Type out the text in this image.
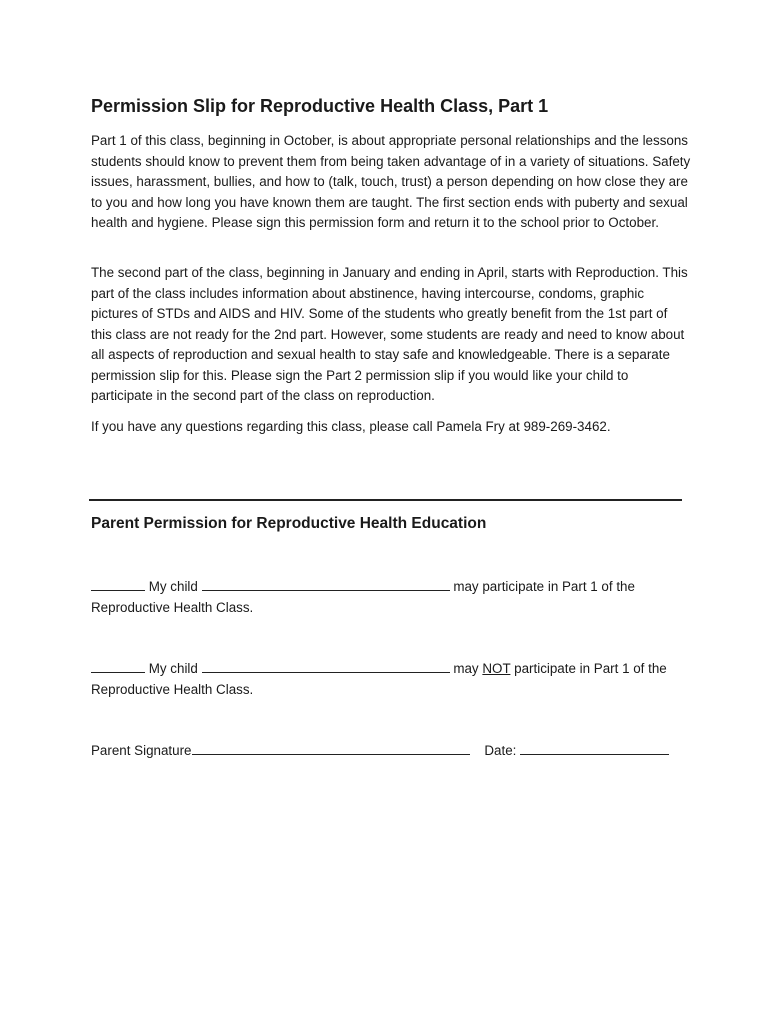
Permission Slip for Reproductive Health Class, Part 1

Part 1 of this class, beginning in October, is about appropriate personal relationships and the lessons students should know to prevent them from being taken advantage of in a variety of situations. Safety issues, harassment, bullies, and how to (talk, touch, trust) a person depending on how close they are to you and how long you have known them are taught. The first section ends with puberty and sexual health and hygiene. Please sign this permission form and return it to the school prior to October.

The second part of the class, beginning in January and ending in April, starts with Reproduction. This part of the class includes information about abstinence, having intercourse, condoms, graphic pictures of STDs and AIDS and HIV. Some of the students who greatly benefit from the 1st part of this class are not ready for the 2nd part. However, some students are ready and need to know about all aspects of reproduction and sexual health to stay safe and knowledgeable. There is a separate permission slip for this. Please sign the Part 2 permission slip if you would like your child to participate in the second part of the class on reproduction.

If you have any questions regarding this class, please call Pamela Fry at 989-269-3462.

Parent Permission for Reproductive Health Education
My child	may participate in Part 1 of the Reproductive Health Class.
My child	may NOT participate in Part 1 of the Reproductive Health Class.
Parent Signature	Date:
